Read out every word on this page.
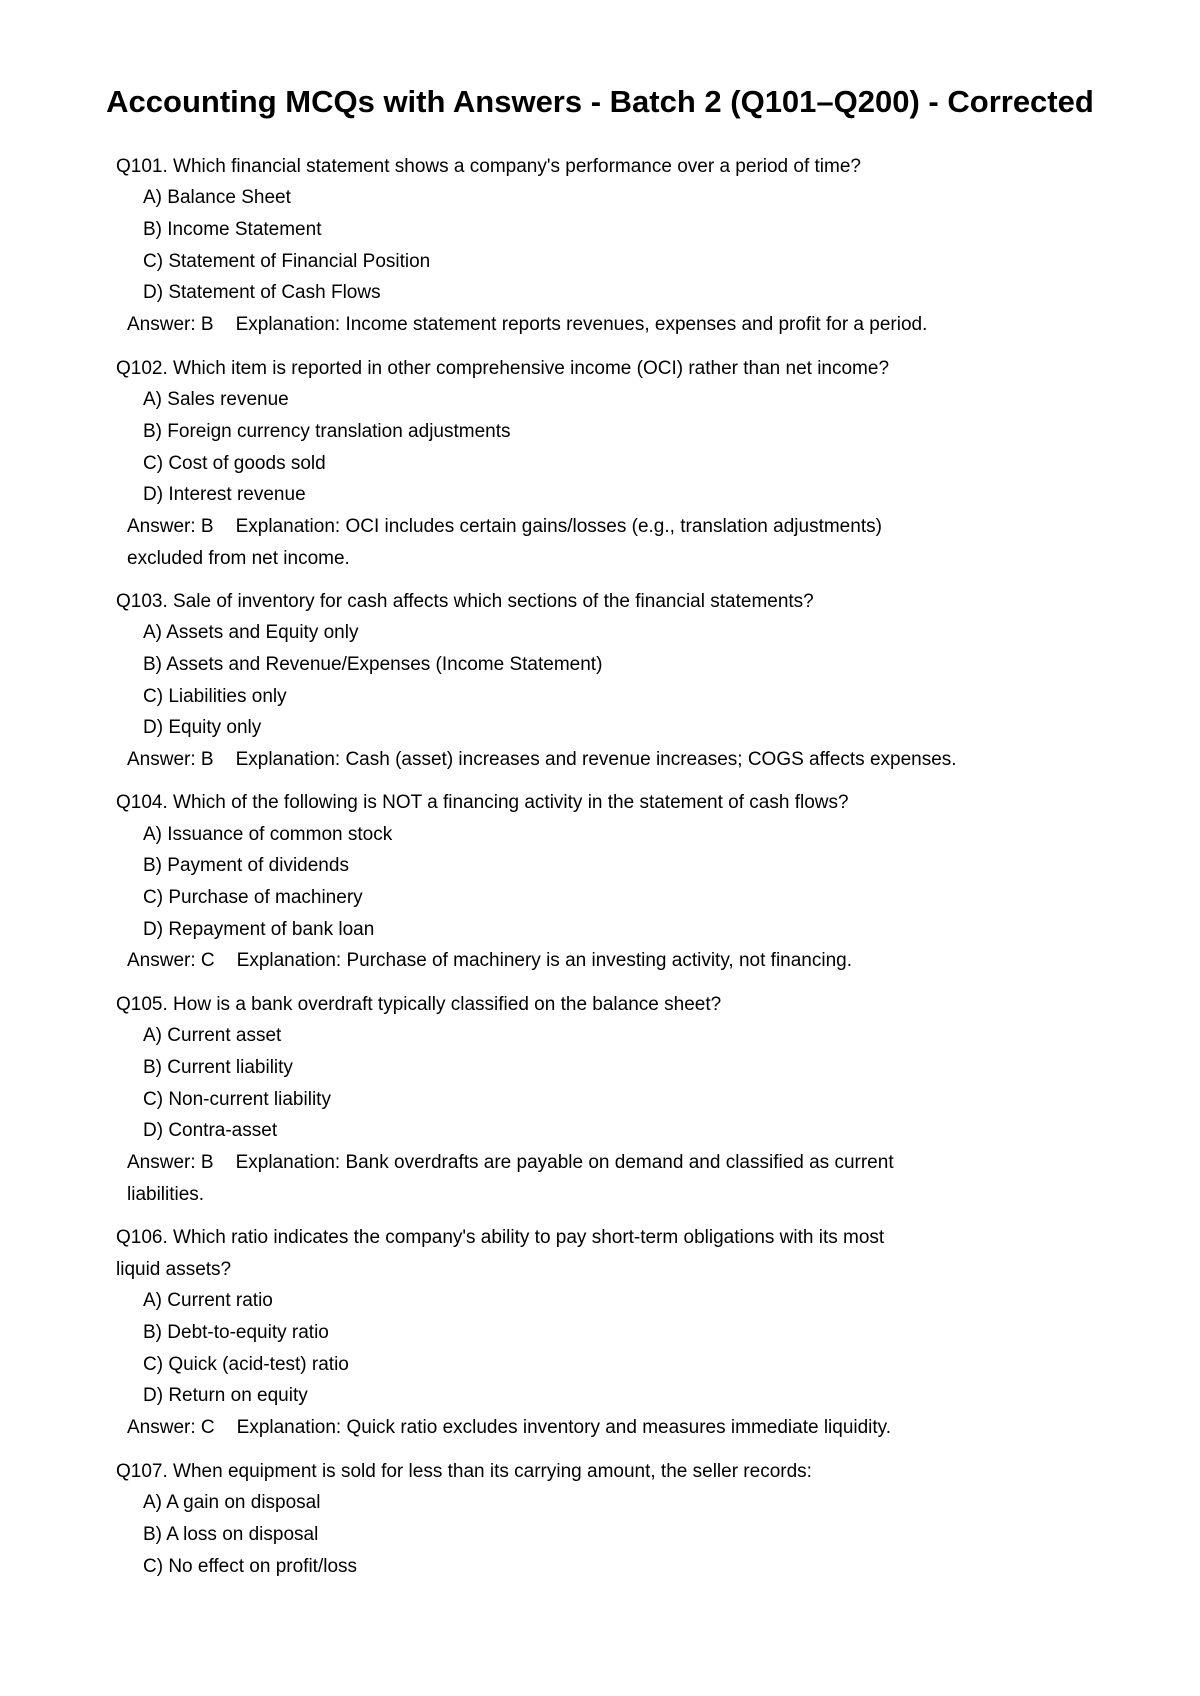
Accounting MCQs with Answers - Batch 2 (Q101–Q200) - Corrected
Q101. Which financial statement shows a company's performance over a period of time?
A) Balance Sheet
B) Income Statement
C) Statement of Financial Position
D) Statement of Cash Flows
Answer: B Explanation: Income statement reports revenues, expenses and profit for a period.
Q102. Which item is reported in other comprehensive income (OCI) rather than net income?
A) Sales revenue
B) Foreign currency translation adjustments
C) Cost of goods sold
D) Interest revenue
Answer: B Explanation: OCI includes certain gains/losses (e.g., translation adjustments)
excluded from net income.
Q103. Sale of inventory for cash affects which sections of the financial statements?
A) Assets and Equity only
B) Assets and Revenue/Expenses (Income Statement)
C) Liabilities only
D) Equity only
Answer: B Explanation: Cash (asset) increases and revenue increases; COGS affects expenses.
Q104. Which of the following is NOT a financing activity in the statement of cash flows?
A) Issuance of common stock
B) Payment of dividends
C) Purchase of machinery
D) Repayment of bank loan
Answer: C Explanation: Purchase of machinery is an investing activity, not financing.
Q105. How is a bank overdraft typically classified on the balance sheet?
A) Current asset
B) Current liability
C) Non-current liability
D) Contra-asset
Answer: B Explanation: Bank overdrafts are payable on demand and classified as current
liabilities.
Q106. Which ratio indicates the company's ability to pay short-term obligations with its most
liquid assets?
A) Current ratio
B) Debt-to-equity ratio
C) Quick (acid-test) ratio
D) Return on equity
Answer: C Explanation: Quick ratio excludes inventory and measures immediate liquidity.
Q107. When equipment is sold for less than its carrying amount, the seller records:
A) A gain on disposal
B) A loss on disposal
C) No effect on profit/loss
